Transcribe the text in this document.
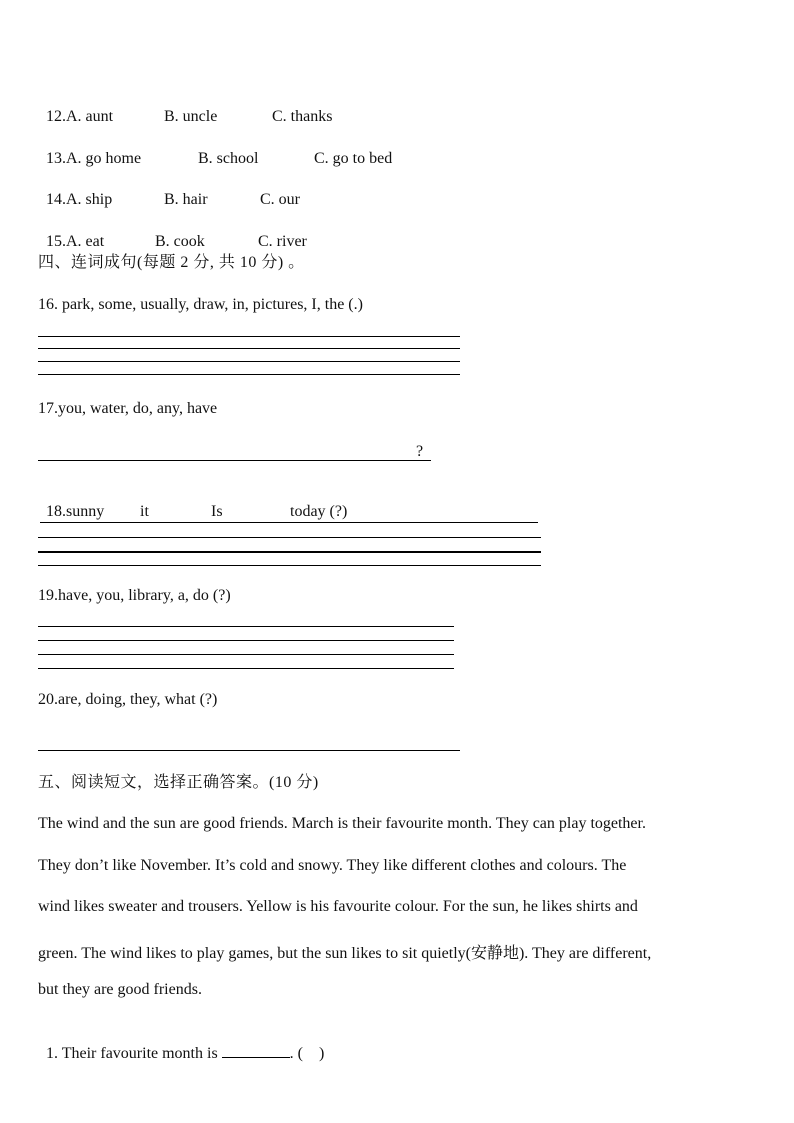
12.A. aunt	B. uncle	C. thanks

13.A. go home	B. school	C. go to bed

14.A. ship	B. hair	C. our

15.A. eat	B. cook	C. river

四、连词成句(每题 2 分, 共 10 分) 。
16. park, some, usually, draw, in, pictures, I, the (.)
17.you, water, do, any, have
?

18.sunny it	Is	today (?)

19.have, you, library, a, do (?)
20.are, doing, they, what (?)
五、阅读短文，选择正确答案。(10 分)
The wind and the sun are good friends. March is their favourite month. They can play together.
They don’t like November. It’s cold and snowy. They like different clothes and colours. The
wind likes sweater and trousers. Yellow is his favourite colour. For the sun, he likes shirts and
green. The wind likes to play games, but the sun likes to sit quietly(安静地). They are different,
but they are good friends.

1. Their favourite month is	. (    )
